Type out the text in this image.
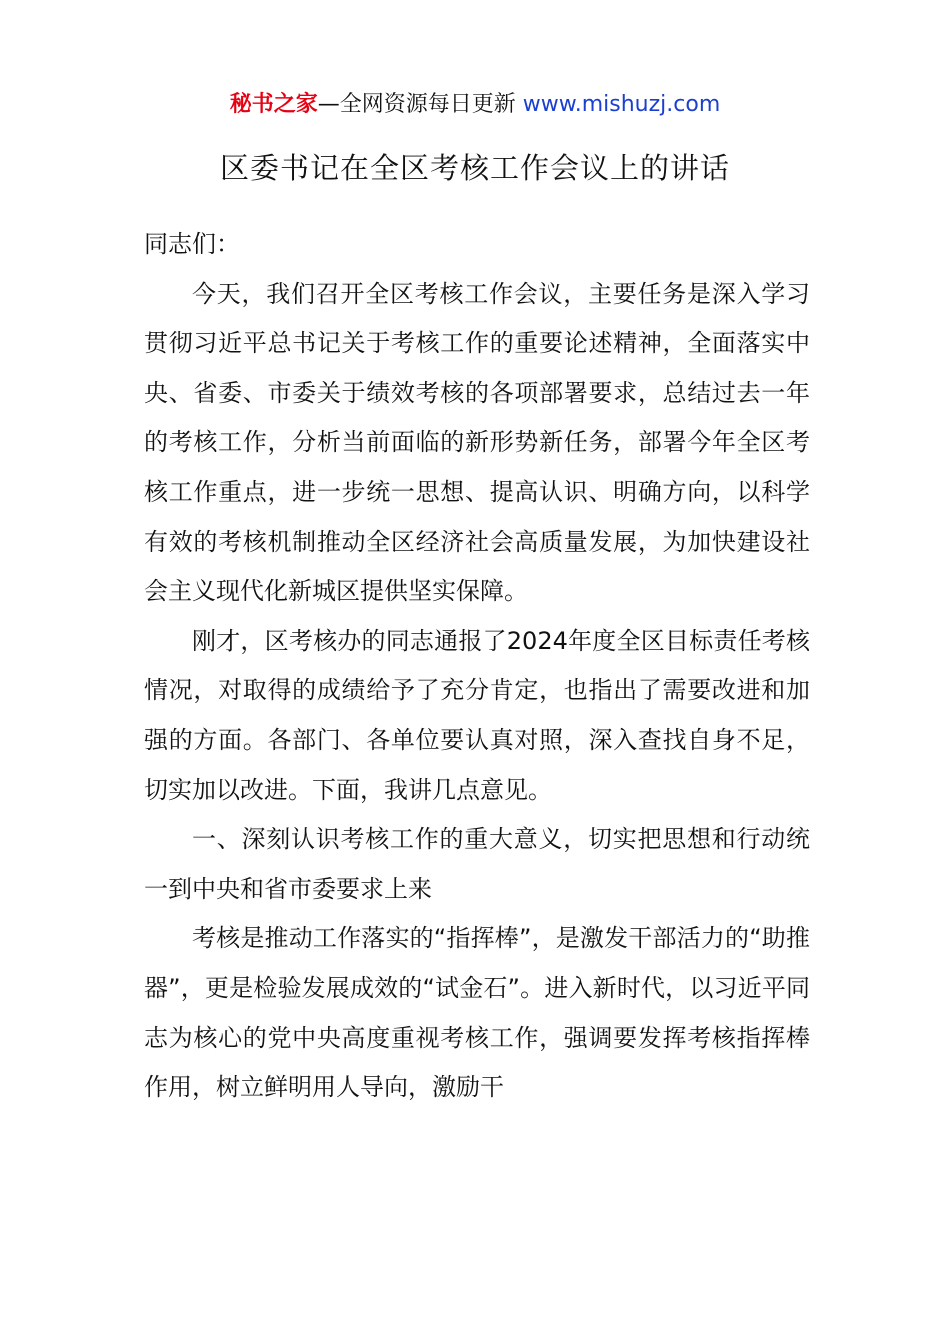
秘书之家—全网资源每日更新 www.mishuzj.com
区委书记在全区考核工作会议上的讲话

同志们：

今天，我们召开全区考核工作会议，主要任务是深入学习贯彻习近平总书记关于考核工作的重要论述精神，全面落实中央、省委、市委关于绩效考核的各项部署要求，总结过去一年的考核工作，分析当前面临的新形势新任务，部署今年全区考核工作重点，进一步统一思想、提高认识、明确方向，以科学有效的考核机制推动全区经济社会高质量发展，为加快建设社会主义现代化新城区提供坚实保障。

刚才，区考核办的同志通报了2024年度全区目标责任考核情况，对取得的成绩给予了充分肯定，也指出了需要改进和加强的方面。各部门、各单位要认真对照，深入查找自身不足，切实加以改进。下面，我讲几点意见。

一、深刻认识考核工作的重大意义，切实把思想和行动统一到中央和省市委要求上来

考核是推动工作落实的“指挥棒”，是激发干部活力的“助推器”，更是检验发展成效的“试金石”。进入新时代，以习近平同志为核心的党中央高度重视考核工作，强调要发挥考核指挥棒作用，树立鲜明用人导向，激励干
